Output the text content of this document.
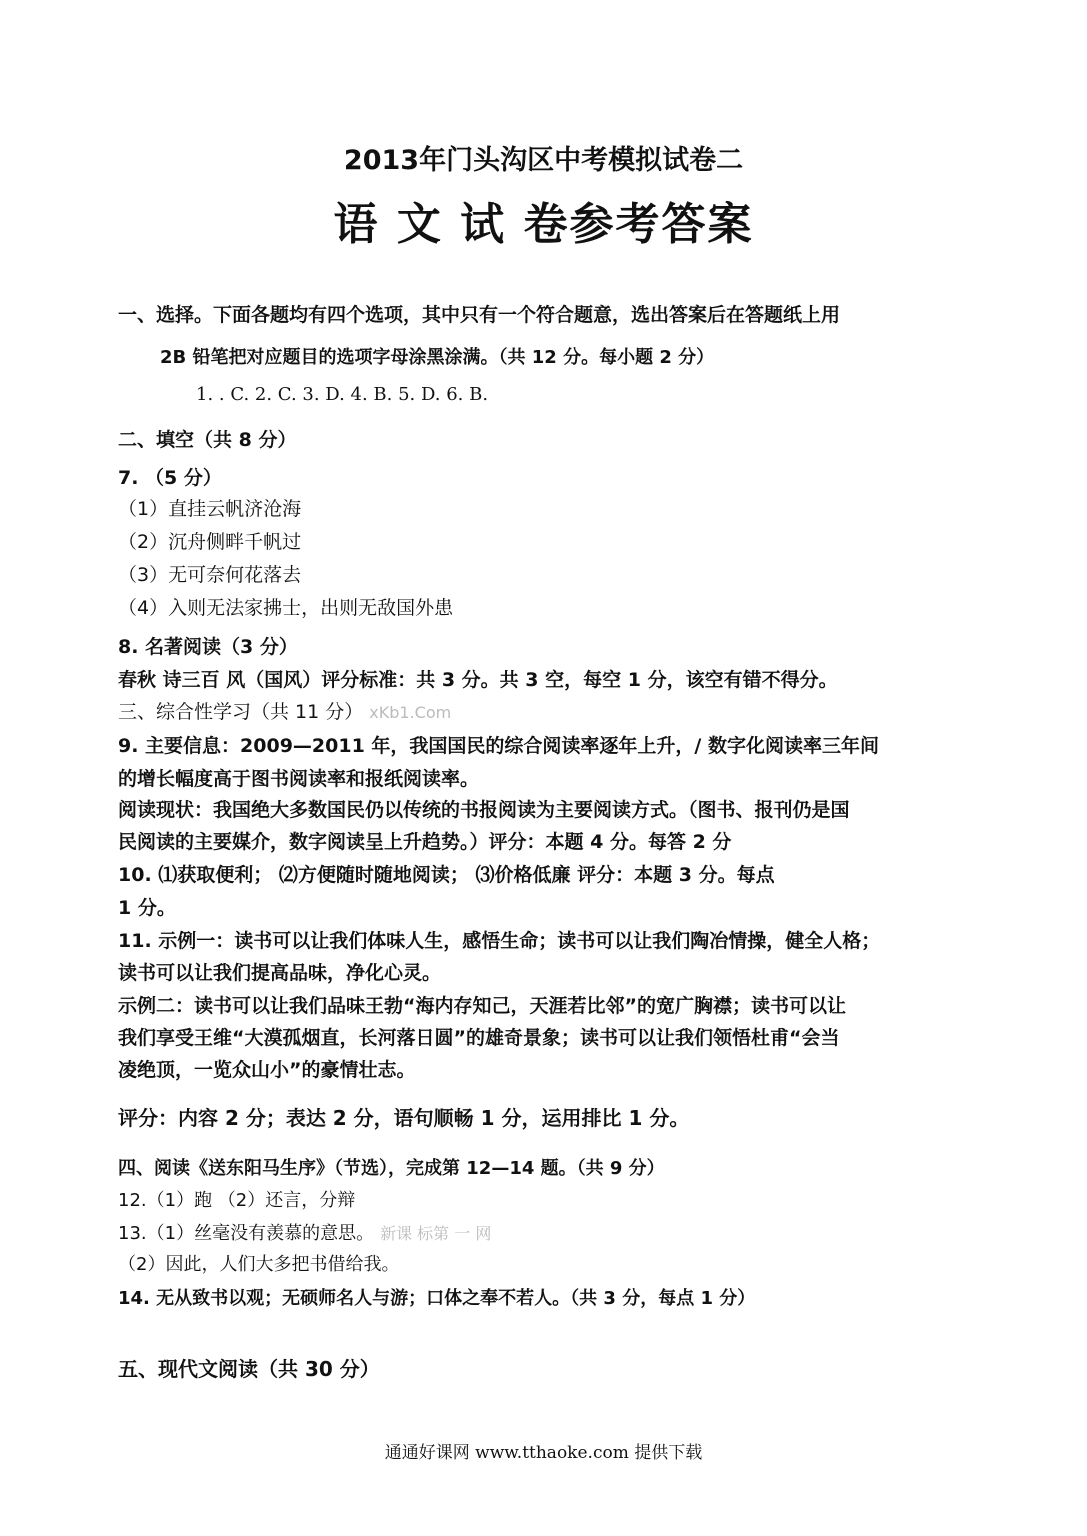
2013年门头沟区中考模拟试卷二
语 文 试 卷参考答案
一、选择。下面各题均有四个选项，其中只有一个符合题意，选出答案后在答题纸上用
2B 铅笔把对应题目的选项字母涂黑涂满。（共 12 分。每小题 2 分）
1. . C. 2. C. 3. D. 4. B. 5. D. 6. B.
二、填空（共 8 分）
7. （5 分）
（1）直挂云帆济沧海
（2）沉舟侧畔千帆过
（3）无可奈何花落去
（4）入则无法家拂士，出则无敌国外患
8. 名著阅读（3 分）
春秋 诗三百 风（国风）评分标准：共 3 分。共 3 空，每空 1 分，该空有错不得分。
三、综合性学习（共 11 分） xKb1.Com
9. 主要信息：2009—2011 年，我国国民的综合阅读率逐年上升，/ 数字化阅读率三年间
的增长幅度高于图书阅读率和报纸阅读率。
阅读现状：我国绝大多数国民仍以传统的书报阅读为主要阅读方式。（图书、报刊仍是国
民阅读的主要媒介，数字阅读呈上升趋势。）评分：本题 4 分。每答 2 分
10. ⑴获取便利； ⑵方便随时随地阅读； ⑶价格低廉 评分：本题 3 分。每点
1 分。
11. 示例一：读书可以让我们体味人生，感悟生命；读书可以让我们陶冶情操，健全人格；
读书可以让我们提高品味，净化心灵。
示例二：读书可以让我们品味王勃“海内存知己，天涯若比邻”的宽广胸襟；读书可以让
我们享受王维“大漠孤烟直，长河落日圆”的雄奇景象；读书可以让我们领悟杜甫“会当
凌绝顶，一览众山小”的豪情壮志。
评分：内容 2 分；表达 2 分，语句顺畅 1 分，运用排比 1 分。
四、阅读《送东阳马生序》（节选），完成第 12—14 题。（共 9 分）
12.（1）跑 （2）还言，分辩
13.（1）丝毫没有羡慕的意思。 新课 标第 一 网
（2）因此，人们大多把书借给我。
14. 无从致书以观；无硕师名人与游；口体之奉不若人。（共 3 分，每点 1 分）
五、现代文阅读（共 30 分）
通通好课网 www.tthaoke.com 提供下载
